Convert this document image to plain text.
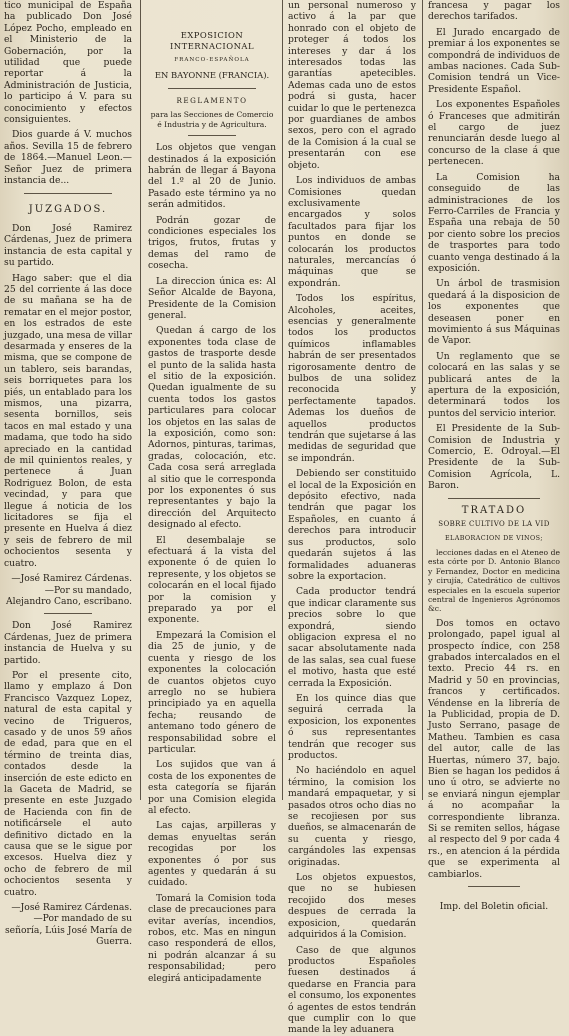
tico municipal de España ha publicado Don José López Pocho, empleado en el Ministerio de la Gobernación, por la utilidad que puede reportar á la Administración de Justicia, lo participo á V. para su conocimiento y efectos consiguientes.

Dios guarde á V. muchos años. Sevilla 15 de febrero de 1864.—Manuel Leon.—Señor Juez de primera instancia de...

JUZGADOS.

Don José Ramirez Cárdenas, Juez de primera instancia de esta capital y su partido.

Hago saber: que el dia 25 del corriente á las doce de su mañana se ha de rematar en el mejor postor, en los estrados de este juzgado, una mesa de villar desarmada y enseres de la misma, que se compone de un tablero, seis barandas, seis borriquetes para los piés, un entablado para los mismos, una pizarra, sesenta bornillos, seis tacos en mal estado y una madama, que todo ha sido apreciado en la cantidad de mil quinientos reales, y pertenece á Juan Rodriguez Bolon, de esta vecindad, y para que llegue á noticia de los licitadores se fija el presente en Huelva á diez y seis de febrero de mil ochocientos sesenta y cuatro.

—José Ramirez Cárdenas.—Por su mandado, Alejandro Cano, escribano.

Don José Ramirez Cárdenas, Juez de primera instancia de Huelva y su partido.

Por el presente cito, llamo y emplazo á Don Francisco Vazquez Lopez, natural de esta capital y vecino de Trigueros, casado y de unos 59 años de edad, para que en el término de treinta dias, contados desde la inserción de este edicto en la Gaceta de Madrid, se presente en este Juzgado de Hacienda con fin de notificársele el auto definitivo dictado en la causa que se le sigue por excesos. Huelva diez y ocho de febrero de mil ochocientos sesenta y cuatro.

—José Ramirez Cárdenas.—Por mandado de su señoría, Lúis José María de Guerra.

EXPOSICION INTERNACIONAL

FRANCO-ESPAÑOLA

EN BAYONNE (FRANCIA).

REGLAMENTO

para las Secciones de Comercio é Industria y de Agricultura.

Los objetos que vengan destinados á la exposición habrán de llegar á Bayona del 1.º al 20 de Junio. Pasado este término ya no serán admitidos.

Podrán gozar de condiciones especiales los trigos, frutos, frutas y demas del ramo de cosecha.

La direccion única es: Al Señor Alcalde de Bayona, Presidente de la Comision general.

Quedan á cargo de los exponentes toda clase de gastos de trasporte desde el punto de la salida hasta el sitio de la exposición. Quedan igualmente de su cuenta todos los gastos particulares para colocar los objetos en las salas de la exposición, como son: Adornos, pinturas, tarimas, gradas, colocación, etc. Cada cosa será arreglada al sitio que le corresponda por los exponentes ó sus representantes y bajo la dirección del Arquitecto designado al efecto.

El desembalaje se efectuará á la vista del exponente ó de quien lo represente, y los objetos se colocarán en el local fijado por la comision y preparado ya por el exponente.

Empezará la Comision el dia 25 de junio, y de cuenta y riesgo de los exponentes la colocación de cuantos objetos cuyo arreglo no se hubiera principiado ya en aquella fecha; reusando de antemano todo género de responsabilidad sobre el particular.

Los sujidos que van á costa de los exponentes de esta categoría se fijarán por una Comision elegida al efecto.

Las cajas, arpilleras y demas enyueltas serán recogidas por los exponentes ó por sus agentes y quedarán á su cuidado.

Tomará la Comision toda clase de precauciones para evitar averías, incendios, robos, etc. Mas en ningun caso responderá de ellos, ni podrán alcanzar á su responsabilidad; pero elegirá anticipadamente

un personal numeroso y activo á la par que honrado con el objeto de proteger á todos los intereses y dar á los interesados todas las garantías apetecibles. Ademas cada uno de estos podrá si gusta, hacer cuidar lo que le pertenezca por guardianes de ambos sexos, pero con el agrado de la Comision á la cual se presentarán con ese objeto.

Los individuos de ambas Comisiones quedan exclusivamente encargados y solos facultados para fijar los puntos en donde se colocarán los productos naturales, mercancías ó máquinas que se expondrán.

Todos los espíritus, Alcoholes, aceites, esencias y generalmente todos los productos químicos inflamables habrán de ser presentados rigorosamente dentro de bulbos de una solidez reconocida y perfectamente tapados. Ademas los dueños de aquellos productos tendrán que sujetarse á las medidas de seguridad que se impondrán.

Debiendo ser constituido el local de la Exposición en depósito efectivo, nada tendrán que pagar los Españoles, en cuanto á derechos para introducir sus productos, solo quedarán sujetos á las formalidades aduaneras sobre la exportacion.

Cada productor tendrá que indicar claramente sus precios sobre lo que expondrá, siendo obligacion expresa el no sacar absolutamente nada de las salas, sea cual fuese el motivo, hasta que esté cerrada la Exposición.

En los quince dias que seguirá cerrada la exposicion, los exponentes ó sus representantes tendrán que recoger sus productos.

No haciéndolo en aquel término, la comision los mandará empaquetar, y si pasados otros ocho dias no se recojiesen por sus dueños, se almacenarán de su cuenta y riesgo, cargándoles las expensas originadas.

Los objetos expuestos, que no se hubiesen recojido dos meses despues de cerrada la exposicion, quedarán adquiridos á la Comision.

Caso de que algunos productos Españoles fuesen destinados á quedarse en Francia para el consumo, los exponentes ó agentes de estos tendrán que cumplir con lo que mande la ley aduanera

francesa y pagar los derechos tarifados.

El Jurado encargado de premiar á los exponentes se compondrá de individuos de ambas naciones. Cada Sub-Comision tendrá un Vice-Presidente Español.

Los exponentes Españoles ó Franceses que admitirán el cargo de juez renunciarán desde luego al concurso de la clase á que pertenecen.

La Comision ha conseguido de las administraciones de los Ferro-Carriles de Francia y España una rebaja de 50 por ciento sobre los precios de trasportes para todo cuanto venga destinado á la exposición.

Un árbol de trasmision quedará á la disposicion de los exponentes que deseasen poner en movimiento á sus Máquinas de Vapor.

Un reglamento que se colocará en las salas y se publicará antes de la apertura de la exposición, determinará todos los puntos del servicio interior.

El Presidente de la Sub-Comision de Industria y Comercio, E. Odroyal.—El Presidente de la Sub-Comision Agrícola, L. Baron.

TRATADO

SOBRE CULTIVO DE LA VID

ELABORACION DE VINOS;

lecciones dadas en el Ateneo de esta córte por D. Antonio Blanco y Fernandez, Doctor en medicina y cirujía, Catedrático de cultivos especiales en la escuela superior central de Ingenieros Agrónomos &c.

Dos tomos en octavo prolongado, papel igual al prospecto índice, con 258 grabados intercalados en el texto. Precio 44 rs. en Madrid y 50 en provincias, francos y certificados. Véndense en la librería de la Publicidad, propia de D. Justo Serrano, pasage de Matheu. Tambien es casa del autor, calle de las Huertas, número 37, bajo. Bien se hagan los pedidos á uno ú otro, se advierte no se enviará ningun ejemplar á no acompañar la correspondiente libranza. Si se remiten sellos, hágase al respecto del 9 por cada 4 rs., en atencion á la pérdida que se experimenta al cambiarlos.

Imp. del Boletin oficial.
